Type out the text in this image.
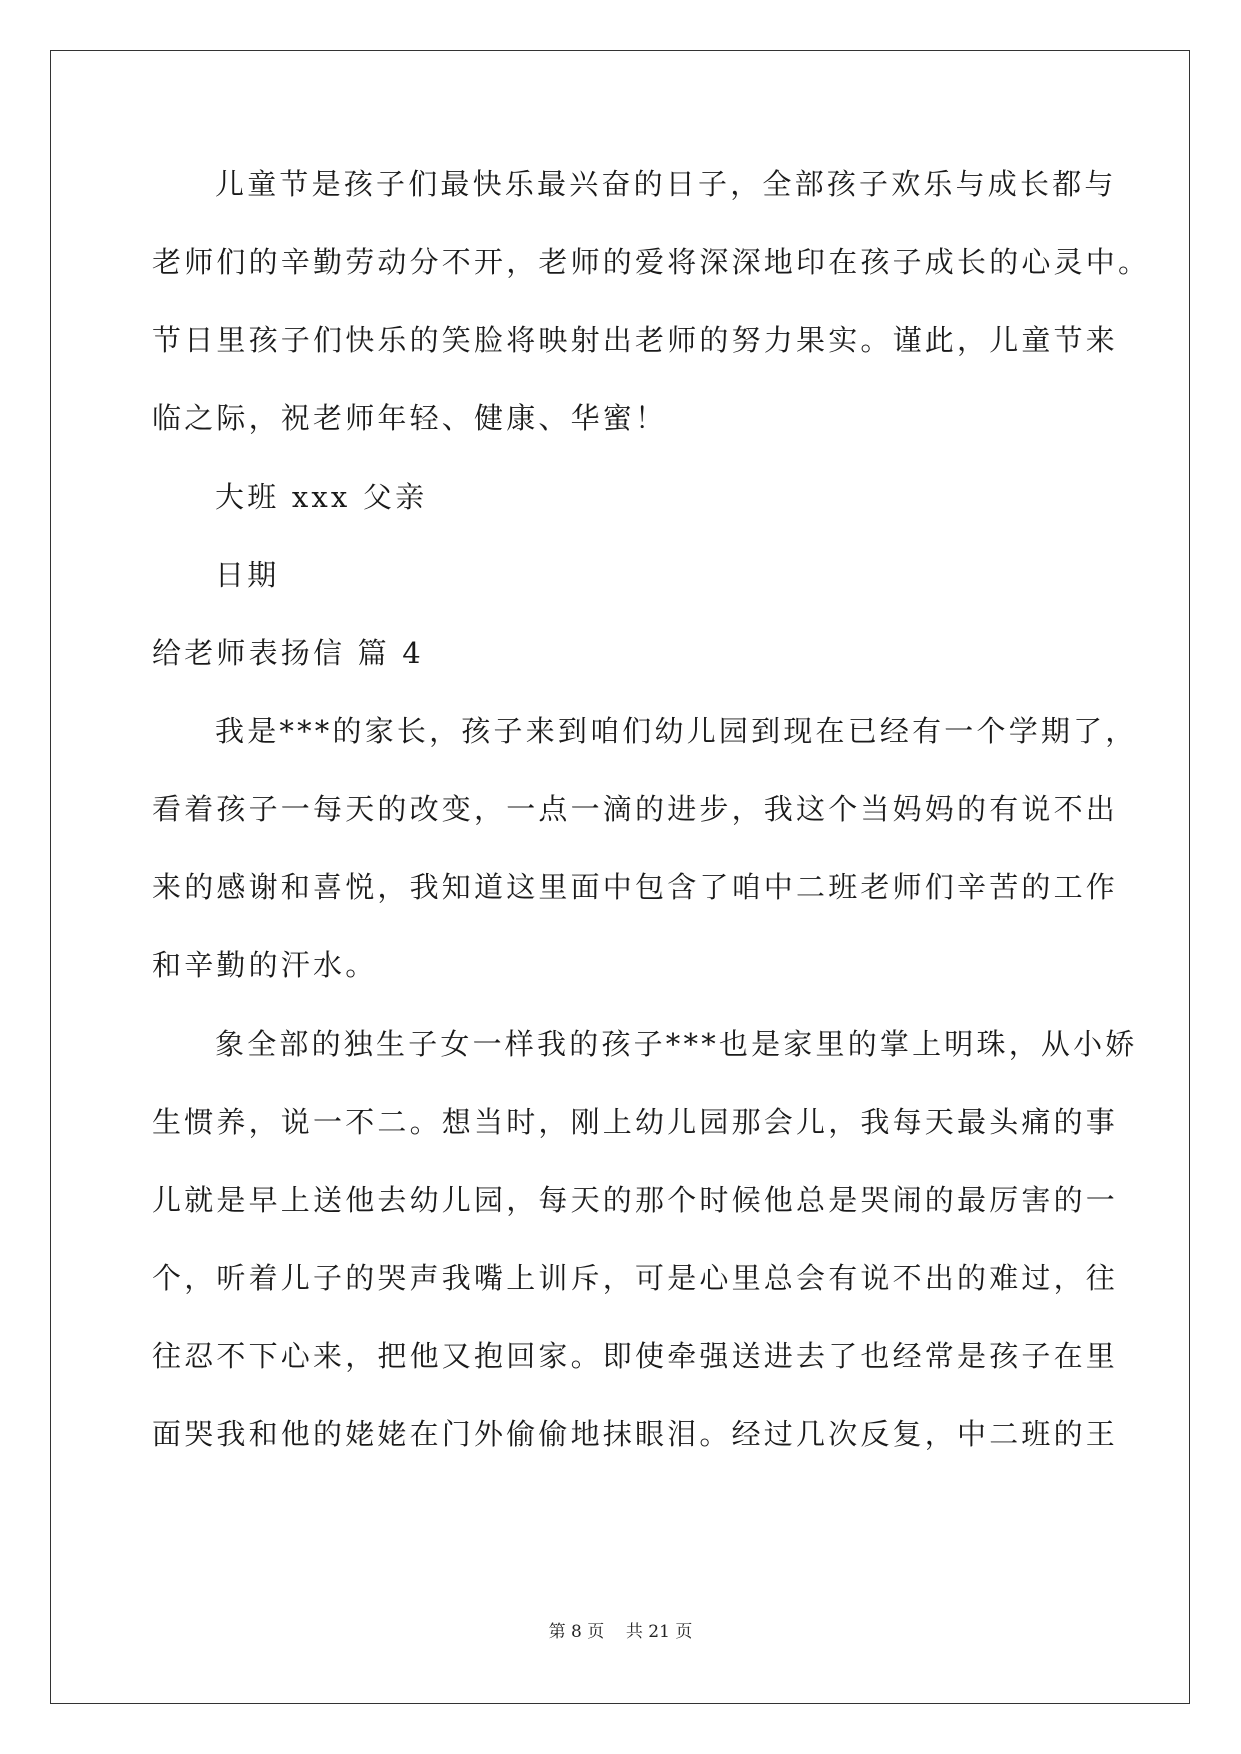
儿童节是孩子们最快乐最兴奋的日子，全部孩子欢乐与成长都与
老师们的辛勤劳动分不开，老师的爱将深深地印在孩子成长的心灵中。
节日里孩子们快乐的笑脸将映射出老师的努力果实。谨此，儿童节来
临之际，祝老师年轻、健康、华蜜！
大班 xxx 父亲
日期
给老师表扬信 篇 4
我是***的家长，孩子来到咱们幼儿园到现在已经有一个学期了，
看着孩子一每天的改变，一点一滴的进步，我这个当妈妈的有说不出
来的感谢和喜悦，我知道这里面中包含了咱中二班老师们辛苦的工作
和辛勤的汗水。
象全部的独生子女一样我的孩子***也是家里的掌上明珠，从小娇
生惯养，说一不二。想当时，刚上幼儿园那会儿，我每天最头痛的事
儿就是早上送他去幼儿园，每天的那个时候他总是哭闹的最厉害的一
个，听着儿子的哭声我嘴上训斥，可是心里总会有说不出的难过，往
往忍不下心来，把他又抱回家。即使牵强送进去了也经常是孩子在里
面哭我和他的姥姥在门外偷偷地抹眼泪。经过几次反复，中二班的王
第 8 页 共 21 页
